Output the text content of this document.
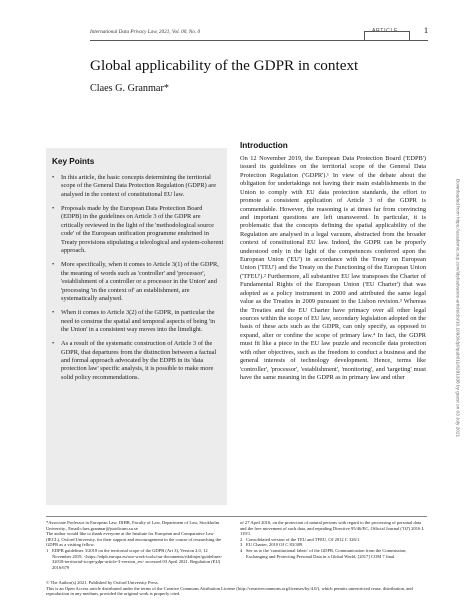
International Data Privacy Law, 2021, Vol. 00, No. 0	ARTICLE	1
Global applicability of the GDPR in context
Claes G. Granmar*
Downloaded from https://academic.oup.com/idpl/advance-article/doi/10.1093/idpl/ipab011/6291338 by guest on 03 July 2021
Key Points
• In this article, the basic concepts determining the territorial scope of the General Data Protection Regulation (GDPR) are analysed in the context of constitutional EU law.
• Proposals made by the European Data Protection Board (EDPB) in the guidelines on Article 3 of the GDPR are critically reviewed in the light of the 'methodological source code' of the European unification programme enshrined in Treaty provisions stipulating a teleological and system-coherent approach.
• More specifically, when it comes to Article 3(1) of the GDPR, the meaning of words such as 'controller' and 'processor', 'establishment of a controller or a processor in the Union' and 'processing 'in the context of' an establishment, are systematically analysed.
• When it comes to Article 3(2) of the GDPR, in particular the need to construe the spatial and temporal aspects of being 'in the Union' in a consistent way moves into the limelight.
• As a result of the systematic construction of Article 3 of the GDPR, that departures from the distinction between a factual and formal approach advocated by the EDPB in its 'data protection law' specific analysis, it is possible to make more solid policy recommendations.
Introduction

On 12 November 2019, the European Data Protection Board ('EDPB') issued its guidelines on the territorial scope of the General Data Protection Regulation ('GDPR').¹ In view of the debate about the obligation for undertakings not having their main establishments in the Union to comply with EU data protection standards, the effort to promote a consistent application of Article 3 of the GDPR is commendable. However, the reasoning is at times far from convincing and important questions are left unanswered. In particular, it is problematic that the concepts defining the spatial applicability of the Regulation are analysed in a legal vacuum, abstracted from the broader context of constitutional EU law. Indeed, the GDPR can be properly understood only in the light of the competences conferred upon the European Union ('EU') in accordance with the Treaty on European Union ('TEU') and the Treaty on the Functioning of the European Union ('TFEU').² Furthermore, all substantive EU law transposes the Charter of Fundamental Rights of the European Union ('EU Charter') that was adopted as a policy instrument in 2000 and attributed the same legal value as the Treaties in 2009 pursuant to the Lisbon revision.³ Whereas the Treaties and the EU Charter have primacy over all other legal sources within the scope of EU law, secondary legislation adopted on the basis of these acts such as the GDPR, can only specify, as opposed to expand, alter or confine the scope of primary law.⁴ In fact, the GDPR must fit like a piece in the EU law puzzle and reconcile data protection with other objectives, such as the freedom to conduct a business and the general interests of technology development. Hence, terms like 'controller', 'processor', 'establishment', 'monitoring', and 'targeting' must have the same meaning in the GDPR as in primary law and other

*Associate Professor in European Law, DIHR, Faculty of Law, Department of Law, Stockholm University., Email:claes.granmar@juridicum.su.se
The author would like to thank everyone at the Institute for European and Comparative Law (IECL), Oxford University, for their support and encouragement in the course of researching the GDPR as a visiting fellow.
1 EDPB guidelines 3/2018 on the territorial scope of the GDPR (Art 3), Version 2.0, 12 November 2019, <https://edpb.europa.eu/our-work-tools/our-documents/riktlinjer/guidelines-32018-territorial-scope-gdpr-article-3-version_en> accessed 03 April 2021. Regulation (EU) 2016/679
of 27 April 2016, on the protection of natural persons with regard to the processing of personal data and the free movement of such data, and repealing Directive 95/46/EC, Official Journal ('OJ') 2016 L 119/1.
2 Consolidated version of the TEU and TFEU, OJ 2012 C 326/1.
3 EU Charter, 2010 OJ C 83/389.
4 See as to the 'constitutional fabric' of the GDPR, Communication from the Commission, Exchanging and Protecting Personal Data in a Global World, [2017] COM 7 final.
© The Author(s) 2021. Published by Oxford University Press.
This is an Open Access article distributed under the terms of the Creative Commons Attribution License (http://creativecommons.org/licenses/by/4.0/), which permits unrestricted reuse, distribution, and reproduction in any medium, provided the original work is properly cited.
